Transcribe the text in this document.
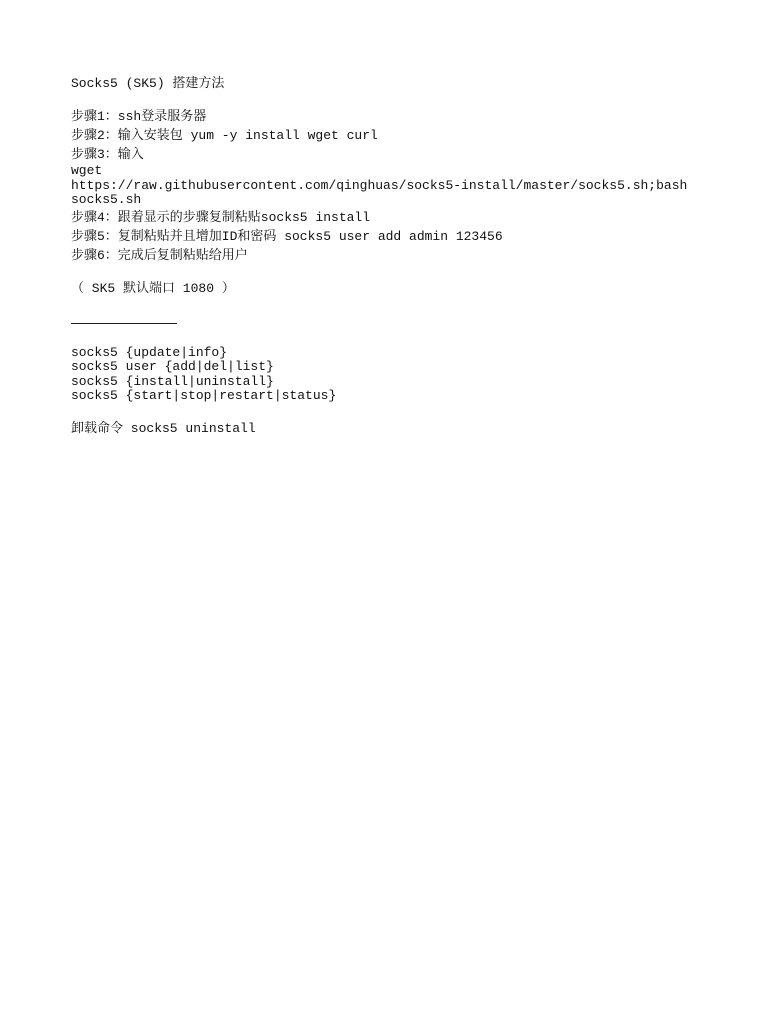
Socks5 (SK5) 搭建方法
步骤1：ssh登录服务器
步骤2：输入安装包 yum -y install wget curl
步骤3：输入
wget
https://raw.githubusercontent.com/qinghuas/socks5-install/master/socks5.sh;bash
socks5.sh
步骤4：跟着显示的步骤复制粘贴socks5 install
步骤5：复制粘贴并且增加ID和密码 socks5 user add admin 123456
步骤6：完成后复制粘贴给用户
（ SK5 默认端口 1080 ）
socks5 {update|info}
socks5 user {add|del|list}
socks5 {install|uninstall}
socks5 {start|stop|restart|status}
卸载命令 socks5 uninstall
